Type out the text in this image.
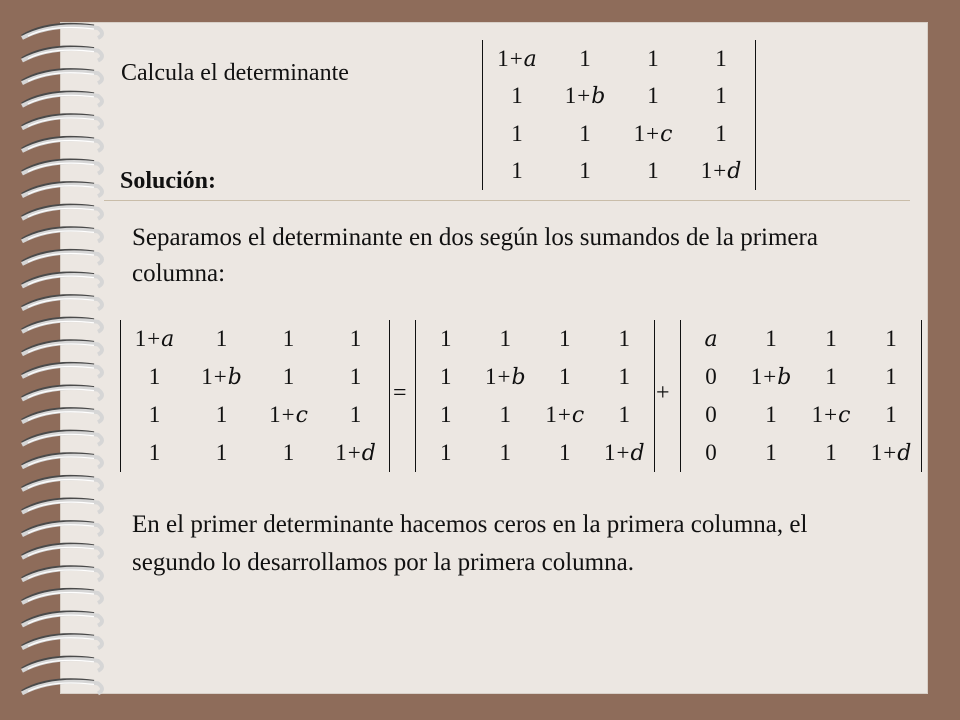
Calcula el determinante
1+a	1	1	1
1	1+b	1	1
1	1	1+c	1
1	1	1	1+d
Solución:
Separamos el determinante en dos según los sumandos de la primera columna:
1+a	1	1	1
1	1+b	1	1
1	1	1+c	1
1	1	1	1+d
=
1	1	1	1
1	1+b	1	1
1	1	1+c	1
1	1	1	1+d
+
a	1	1	1
0	1+b	1	1
0	1	1+c	1
0	1	1	1+d
En el primer determinante hacemos ceros en la primera columna, el segundo lo desarrollamos por la primera columna.
